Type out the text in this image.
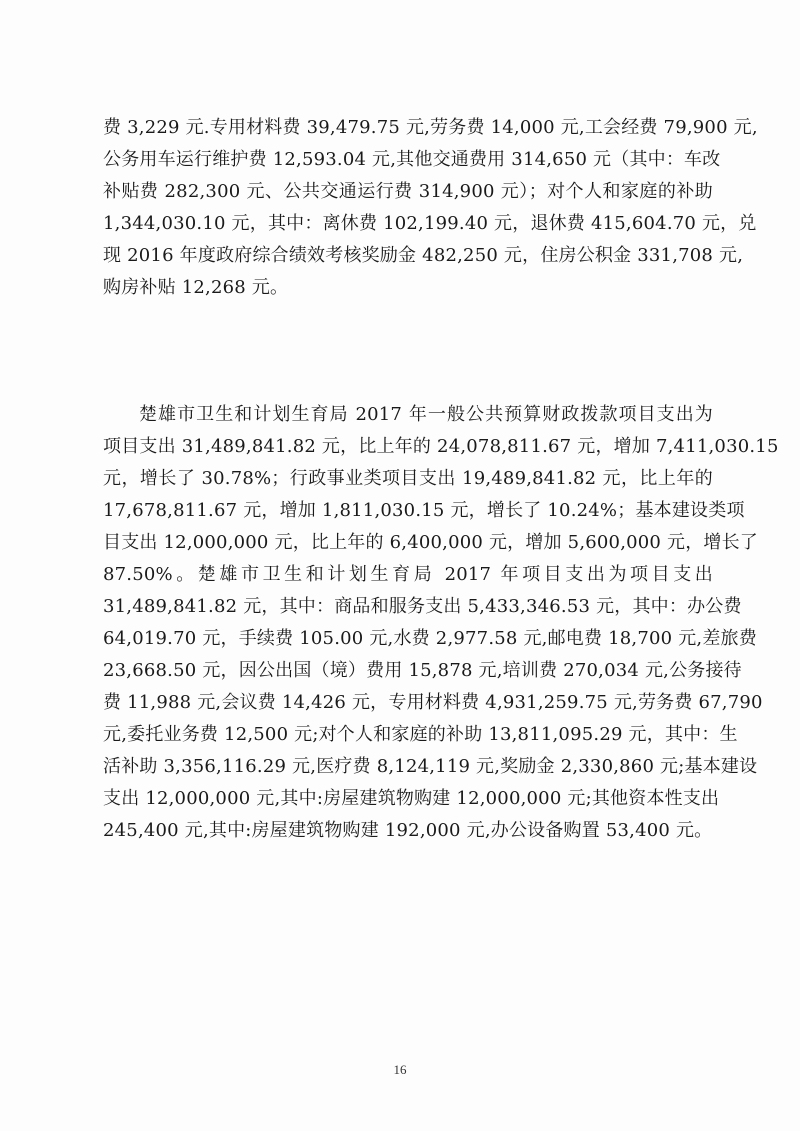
费 3,229 元.专用材料费 39,479.75 元,劳务费 14,000 元,工会经费 79,900 元,
公务用车运行维护费 12,593.04 元,其他交通费用 314,650 元（其中：车改
补贴费 282,300 元、公共交通运行费 314,900 元）；对个人和家庭的补助
1,344,030.10 元，其中：离休费 102,199.40 元，退休费 415,604.70 元，兑
现 2016 年度政府综合绩效考核奖励金 482,250 元，住房公积金 331,708 元,
购房补贴 12,268 元。
楚雄市卫生和计划生育局 2017 年一般公共预算财政拨款项目支出为
项目支出 31,489,841.82 元，比上年的 24,078,811.67 元，增加 7,411,030.15
元，增长了 30.78%；行政事业类项目支出 19,489,841.82 元，比上年的
17,678,811.67 元，增加 1,811,030.15 元，增长了 10.24%；基本建设类项
目支出 12,000,000 元，比上年的 6,400,000 元，增加 5,600,000 元，增长了
87.50%。楚雄市卫生和计划生育局 2017 年项目支出为项目支出
31,489,841.82 元，其中：商品和服务支出 5,433,346.53 元，其中：办公费
64,019.70 元，手续费 105.00 元,水费 2,977.58 元,邮电费 18,700 元,差旅费
23,668.50 元，因公出国（境）费用 15,878 元,培训费 270,034 元,公务接待
费 11,988 元,会议费 14,426 元，专用材料费 4,931,259.75 元,劳务费 67,790
元,委托业务费 12,500 元;对个人和家庭的补助 13,811,095.29 元，其中：生
活补助 3,356,116.29 元,医疗费 8,124,119 元,奖励金 2,330,860 元;基本建设
支出 12,000,000 元,其中:房屋建筑物购建 12,000,000 元;其他资本性支出
245,400 元,其中:房屋建筑物购建 192,000 元,办公设备购置 53,400 元。
16
